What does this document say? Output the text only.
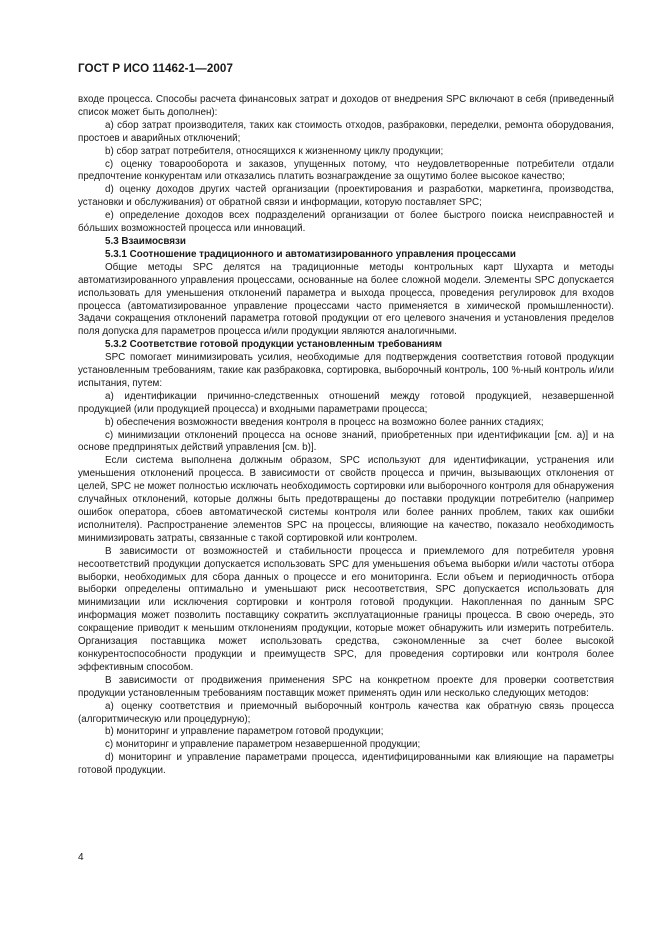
ГОСТ Р ИСО 11462-1—2007

входе процесса. Способы расчета финансовых затрат и доходов от внедрения SPC включают в себя (приведенный список может быть дополнен):

a) сбор затрат производителя, таких как стоимость отходов, разбраковки, переделки, ремонта оборудования, простоев и аварийных отключений;

b) сбор затрат потребителя, относящихся к жизненному циклу продукции;

c) оценку товарооборота и заказов, упущенных потому, что неудовлетворенные потребители отдали предпочтение конкурентам или отказались платить вознаграждение за ощутимо более высокое качество;

d) оценку доходов других частей организации (проектирования и разработки, маркетинга, производства, установки и обслуживания) от обратной связи и информации, которую поставляет SPC;

e) определение доходов всех подразделений организации от более быстрого поиска неисправностей и бо́льших возможностей процесса или инноваций.

5.3 Взаимосвязи

5.3.1 Соотношение традиционного и автоматизированного управления процессами

Общие методы SPC делятся на традиционные методы контрольных карт Шухарта и методы автоматизированного управления процессами, основанные на более сложной модели. Элементы SPC допускается использовать для уменьшения отклонений параметра и выхода процесса, проведения регулировок для входов процесса (автоматизированное управление процессами часто применяется в химической промышленности). Задачи сокращения отклонений параметра готовой продукции от его целевого значения и установления пределов поля допуска для параметров процесса и/или продукции являются аналогичными.

5.3.2 Соответствие готовой продукции установленным требованиям

SPC помогает минимизировать усилия, необходимые для подтверждения соответствия готовой продукции установленным требованиям, такие как разбраковка, сортировка, выборочный контроль, 100 %-ный контроль и/или испытания, путем:

a) идентификации причинно-следственных отношений между готовой продукцией, незавершенной продукцией (или продукцией процесса) и входными параметрами процесса;

b) обеспечения возможности введения контроля в процесс на возможно более ранних стадиях;

c) минимизации отклонений процесса на основе знаний, приобретенных при идентификации [см. a)] и на основе предпринятых действий управления [см. b)].

Если система выполнена должным образом, SPC используют для идентификации, устранения или уменьшения отклонений процесса. В зависимости от свойств процесса и причин, вызывающих отклонения от целей, SPC не может полностью исключать необходимость сортировки или выборочного контроля для обнаружения случайных отклонений, которые должны быть предотвращены до поставки продукции потребителю (например ошибок оператора, сбоев автоматической системы контроля или более ранних проблем, таких как ошибки исполнителя). Распространение элементов SPC на процессы, влияющие на качество, показало необходимость минимизировать затраты, связанные с такой сортировкой или контролем.

В зависимости от возможностей и стабильности процесса и приемлемого для потребителя уровня несоответствий продукции допускается использовать SPC для уменьшения объема выборки и/или частоты отбора выборки, необходимых для сбора данных о процессе и его мониторинга. Если объем и периодичность отбора выборки определены оптимально и уменьшают риск несоответствия, SPC допускается использовать для минимизации или исключения сортировки и контроля готовой продукции. Накопленная по данным SPC информация может позволить поставщику сократить эксплуатационные границы процесса. В свою очередь, это сокращение приводит к меньшим отклонениям продукции, которые может обнаружить или измерить потребитель. Организация поставщика может использовать средства, сэкономленные за счет более высокой конкурентоспособности продукции и преимуществ SPC, для проведения сортировки или контроля более эффективным способом.

В зависимости от продвижения применения SPC на конкретном проекте для проверки соответствия продукции установленным требованиям поставщик может применять один или несколько следующих методов:

a) оценку соответствия и приемочный выборочный контроль качества как обратную связь процесса (алгоритмическую или процедурную);

b) мониторинг и управление параметром готовой продукции;

c) мониторинг и управление параметром незавершенной продукции;

d) мониторинг и управление параметрами процесса, идентифицированными как влияющие на параметры готовой продукции.

4
